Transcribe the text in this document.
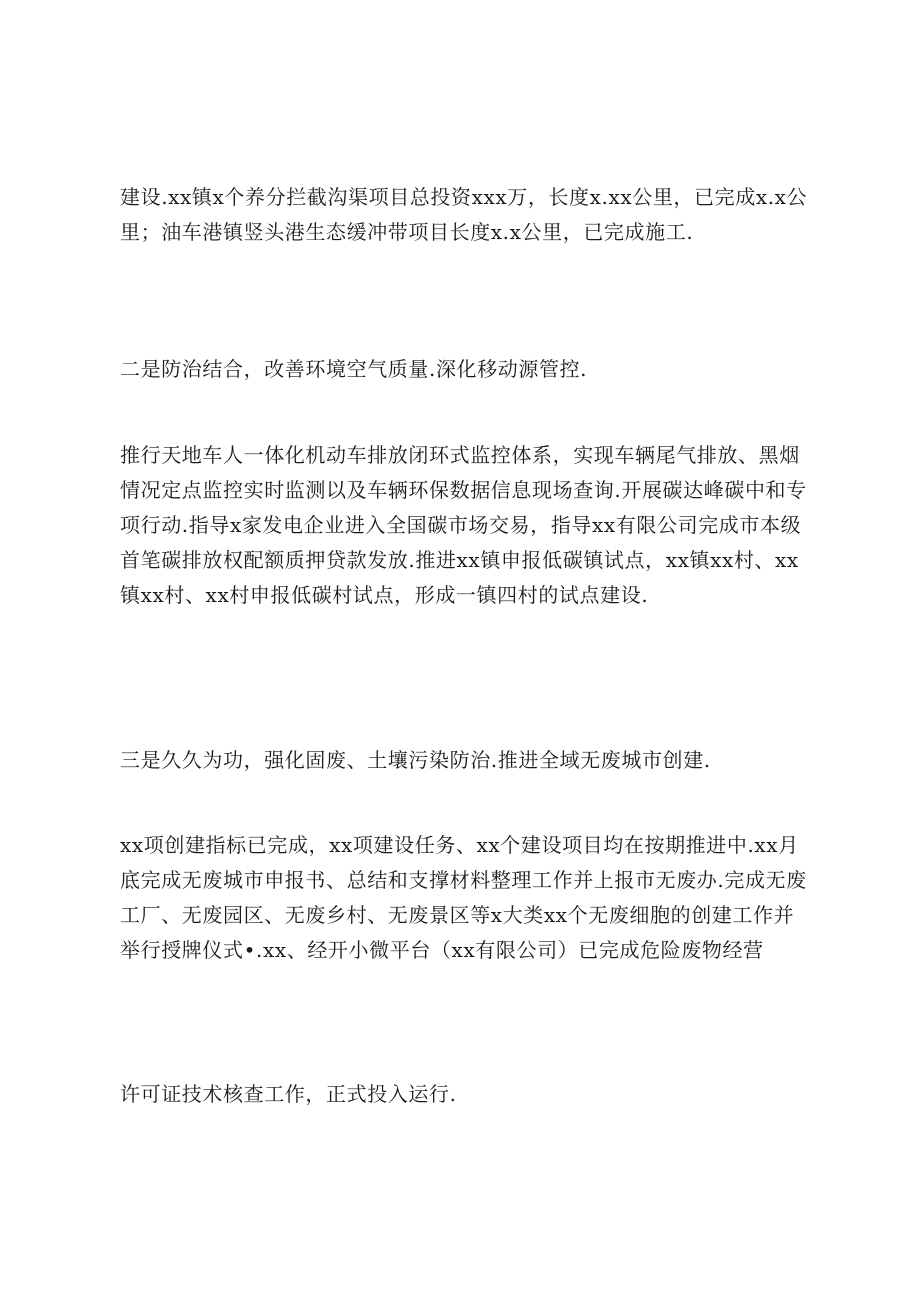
建设.xx镇x个养分拦截沟渠项目总投资xxx万，长度x.xx公里，已完成x.x公里；油车港镇竖头港生态缓冲带项目长度x.x公里，已完成施工.

二是防治结合，改善环境空气质量.深化移动源管控.

推行天地车人一体化机动车排放闭环式监控体系，实现车辆尾气排放、黑烟情况定点监控实时监测以及车辆环保数据信息现场查询.开展碳达峰碳中和专项行动.指导x家发电企业进入全国碳市场交易，指导xx有限公司完成市本级首笔碳排放权配额质押贷款发放.推进xx镇申报低碳镇试点，xx镇xx村、xx镇xx村、xx村申报低碳村试点，形成一镇四村的试点建设.

三是久久为功，强化固废、土壤污染防治.推进全域无废城市创建.

xx项创建指标已完成，xx项建设任务、xx个建设项目均在按期推进中.xx月底完成无废城市申报书、总结和支撑材料整理工作并上报市无废办.完成无废工厂、无废园区、无废乡村、无废景区等x大类xx个无废细胞的创建工作并举行授牌仪式•.xx、经开小微平台（xx有限公司）已完成危险废物经营

许可证技术核查工作，正式投入运行.
